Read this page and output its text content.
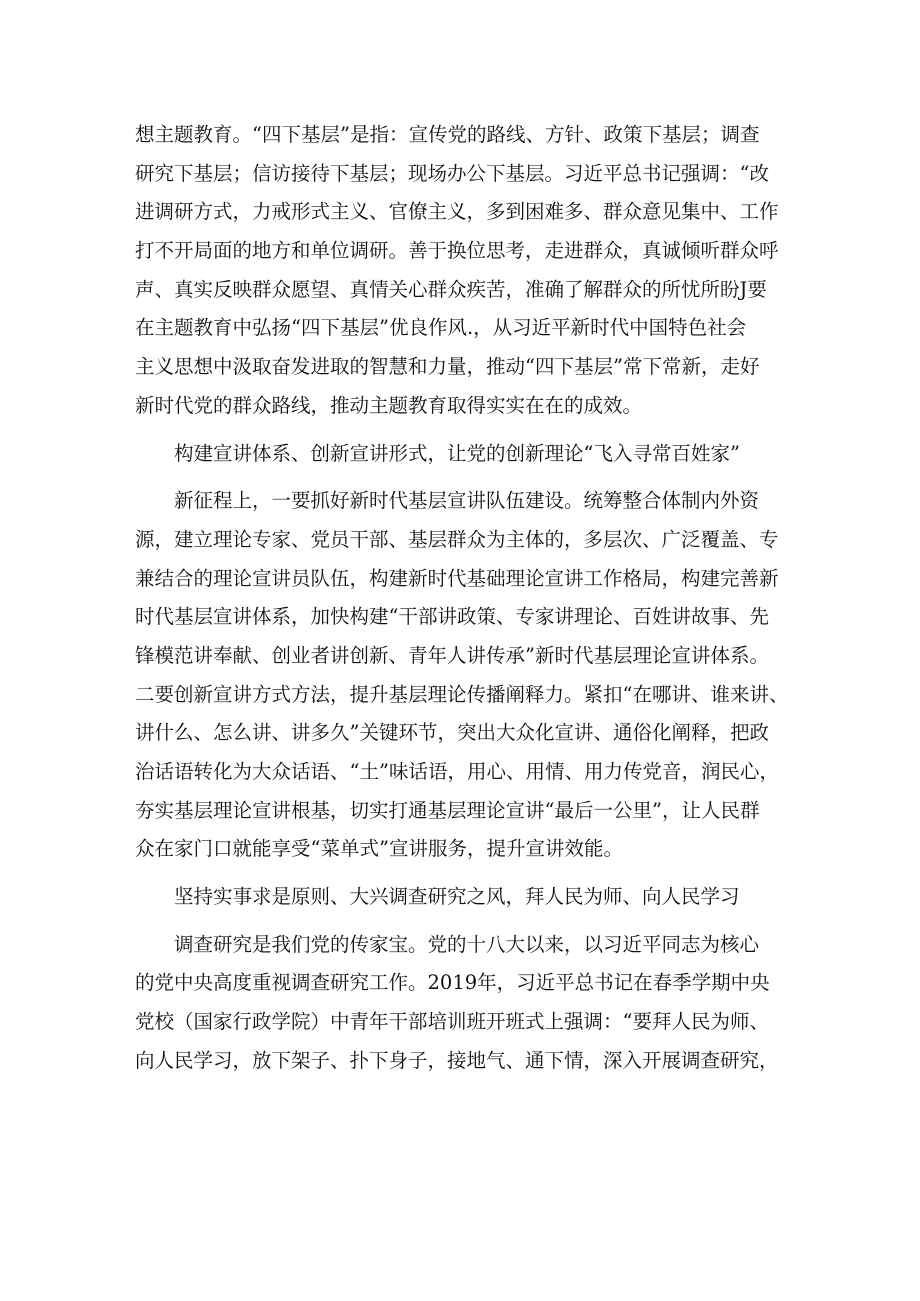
想主题教育。“四下基层”是指：宣传党的路线、方针、政策下基层；调查
研究下基层；信访接待下基层；现场办公下基层。习近平总书记强调：“改
进调研方式，力戒形式主义、官僚主义，多到困难多、群众意见集中、工作
打不开局面的地方和单位调研。善于换位思考，走进群众，真诚倾听群众呼
声、真实反映群众愿望、真情关心群众疾苦，准确了解群众的所忧所盼J要
在主题教育中弘扬“四下基层”优良作风.，从习近平新时代中国特色社会
主义思想中汲取奋发进取的智慧和力量，推动“四下基层”常下常新，走好
新时代党的群众路线，推动主题教育取得实实在在的成效。
构建宣讲体系、创新宣讲形式，让党的创新理论“飞入寻常百姓家”
新征程上，一要抓好新时代基层宣讲队伍建设。统筹整合体制内外资
源，建立理论专家、党员干部、基层群众为主体的，多层次、广泛覆盖、专
兼结合的理论宣讲员队伍，构建新时代基础理论宣讲工作格局，构建完善新
时代基层宣讲体系，加快构建“干部讲政策、专家讲理论、百姓讲故事、先
锋模范讲奉献、创业者讲创新、青年人讲传承”新时代基层理论宣讲体系。
二要创新宣讲方式方法，提升基层理论传播阐释力。紧扣“在哪讲、谁来讲、
讲什么、怎么讲、讲多久”关键环节，突出大众化宣讲、通俗化阐释，把政
治话语转化为大众话语、“土”味话语，用心、用情、用力传党音，润民心，
夯实基层理论宣讲根基，切实打通基层理论宣讲“最后一公里”，让人民群
众在家门口就能享受“菜单式”宣讲服务，提升宣讲效能。
坚持实事求是原则、大兴调查研究之风，拜人民为师、向人民学习
调查研究是我们党的传家宝。党的十八大以来，以习近平同志为核心
的党中央高度重视调查研究工作。2019年，习近平总书记在春季学期中央
党校（国家行政学院）中青年干部培训班开班式上强调：“要拜人民为师、
向人民学习，放下架子、扑下身子，接地气、通下情，深入开展调查研究，
